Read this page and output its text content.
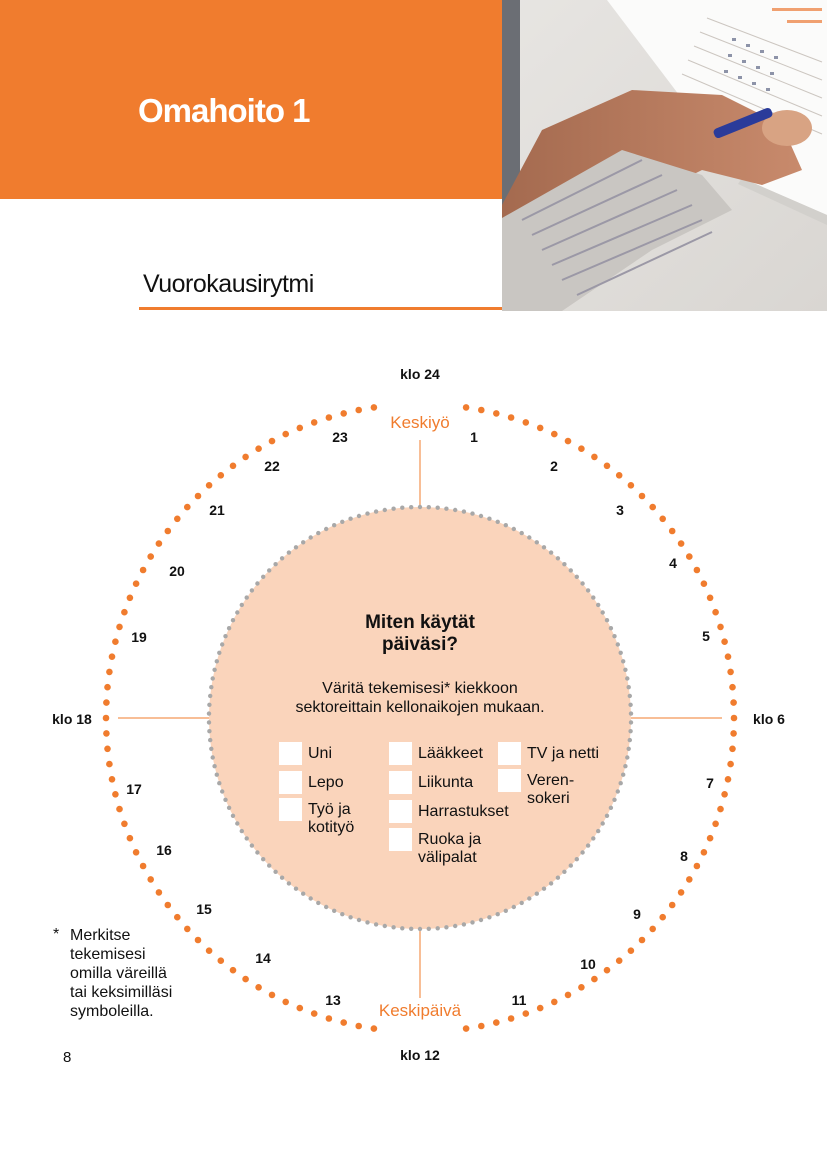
Omahoito 1
Vuorokausirytmi
klo 24
klo 6
klo 12
klo 18
Keskiyö
Keskipäivä
1
2
3
4
5
7
8
9
10
11
13
14
15
16
17
19
20
21
22
23
Miten käytät
päiväsi?
Väritä tekemisesi* kiekkoon
sektoreittain kellonaikojen mukaan.
Uni
Lepo
Työ ja
kotityö
Lääkkeet
Liikunta
Harrastukset
Ruoka ja
välipalat
TV ja netti
Veren-
sokeri
* Merkitse
tekemisesi
omilla väreillä
tai keksimilläsi
symboleilla.
8
